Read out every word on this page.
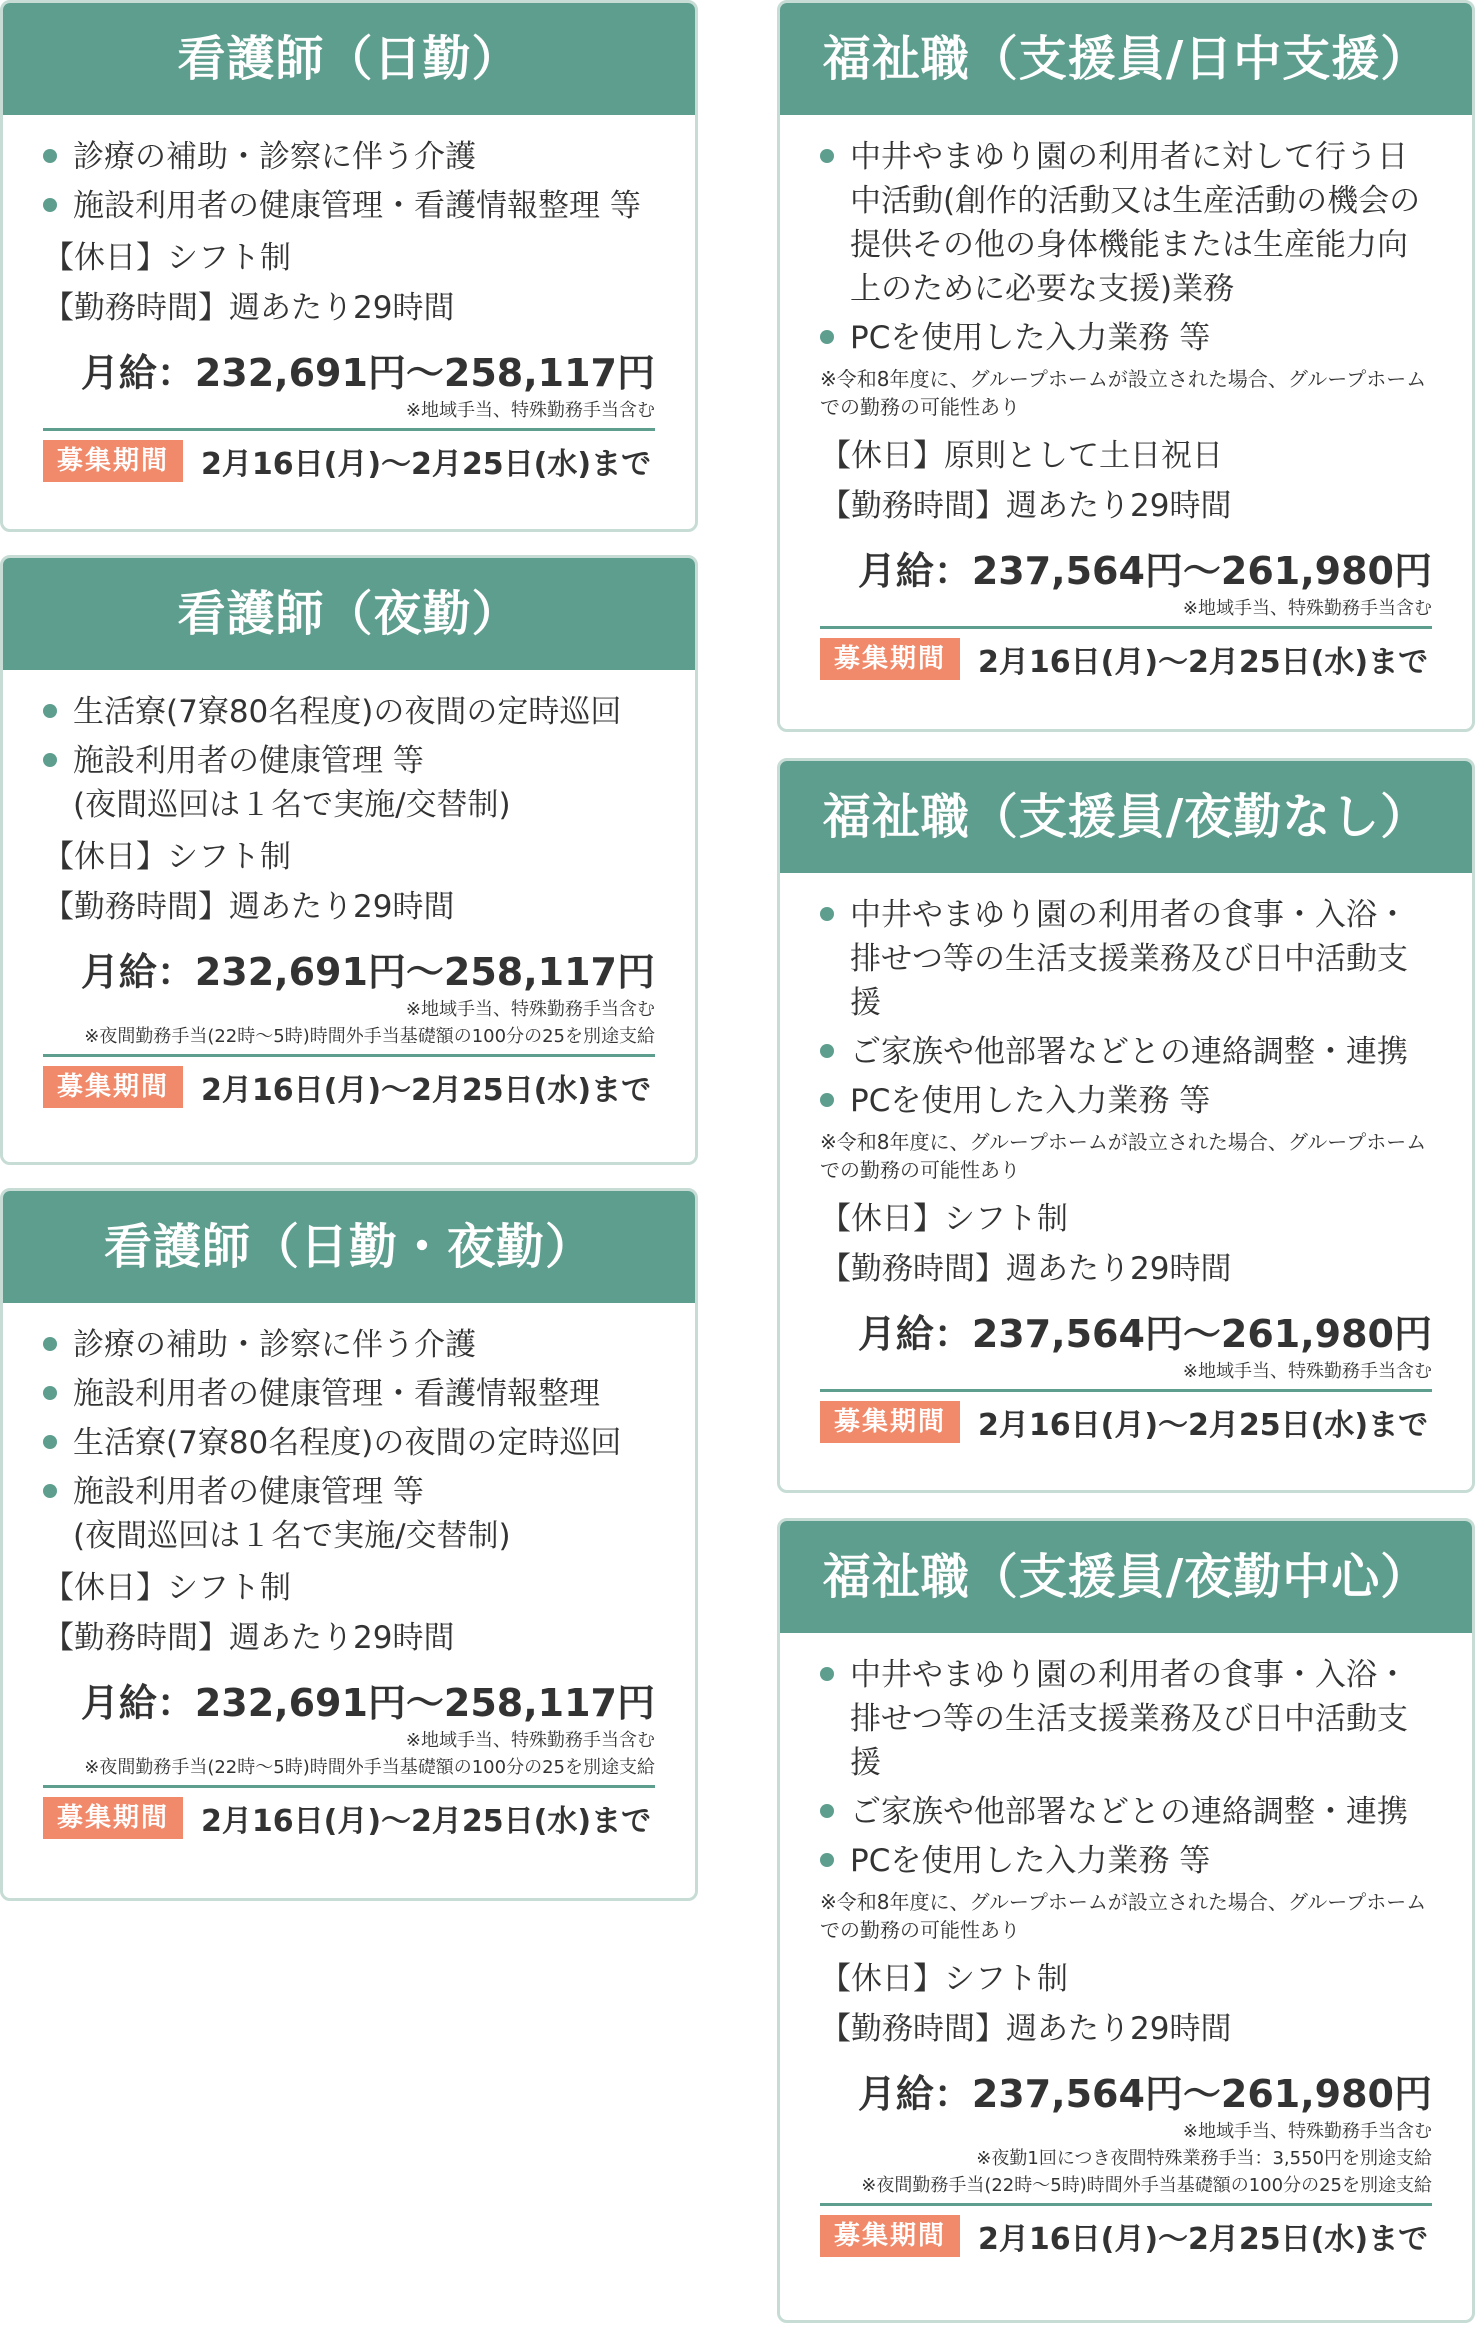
看護師（日勤）
診療の補助・診察に伴う介護
施設利用者の健康管理・看護情報整理 等
【休日】シフト制
【勤務時間】週あたり29時間
月給：232,691円〜258,117円
※地域手当、特殊勤務手当含む
募集期間	2月16日(月)〜2月25日(水)まで
看護師（夜勤）
生活寮(7寮80名程度)の夜間の定時巡回
施設利用者の健康管理 等
(夜間巡回は１名で実施/交替制)
【休日】シフト制
【勤務時間】週あたり29時間
月給：232,691円〜258,117円
※地域手当、特殊勤務手当含む
※夜間勤務手当(22時〜5時)時間外手当基礎額の100分の25を別途支給
募集期間	2月16日(月)〜2月25日(水)まで
看護師（日勤・夜勤）
診療の補助・診察に伴う介護
施設利用者の健康管理・看護情報整理
生活寮(7寮80名程度)の夜間の定時巡回
施設利用者の健康管理 等
(夜間巡回は１名で実施/交替制)
【休日】シフト制
【勤務時間】週あたり29時間
月給：232,691円〜258,117円
※地域手当、特殊勤務手当含む
※夜間勤務手当(22時〜5時)時間外手当基礎額の100分の25を別途支給
募集期間	2月16日(月)〜2月25日(水)まで
福祉職（支援員/日中支援）
中井やまゆり園の利用者に対して行う日中活動(創作的活動又は生産活動の機会の提供その他の身体機能または生産能力向上のために必要な支援)業務
PCを使用した入力業務 等
※令和8年度に、グループホームが設立された場合、グループホームでの勤務の可能性あり
【休日】原則として土日祝日
【勤務時間】週あたり29時間
月給：237,564円〜261,980円
※地域手当、特殊勤務手当含む
募集期間	2月16日(月)〜2月25日(水)まで
福祉職（支援員/夜勤なし）
中井やまゆり園の利用者の食事・入浴・排せつ等の生活支援業務及び日中活動支援
ご家族や他部署などとの連絡調整・連携
PCを使用した入力業務 等
※令和8年度に、グループホームが設立された場合、グループホームでの勤務の可能性あり
【休日】シフト制
【勤務時間】週あたり29時間
月給：237,564円〜261,980円
※地域手当、特殊勤務手当含む
募集期間	2月16日(月)〜2月25日(水)まで
福祉職（支援員/夜勤中心）
中井やまゆり園の利用者の食事・入浴・排せつ等の生活支援業務及び日中活動支援
ご家族や他部署などとの連絡調整・連携
PCを使用した入力業務 等
※令和8年度に、グループホームが設立された場合、グループホームでの勤務の可能性あり
【休日】シフト制
【勤務時間】週あたり29時間
月給：237,564円〜261,980円
※地域手当、特殊勤務手当含む
※夜勤1回につき夜間特殊業務手当：3,550円を別途支給
※夜間勤務手当(22時〜5時)時間外手当基礎額の100分の25を別途支給
募集期間	2月16日(月)〜2月25日(水)まで
